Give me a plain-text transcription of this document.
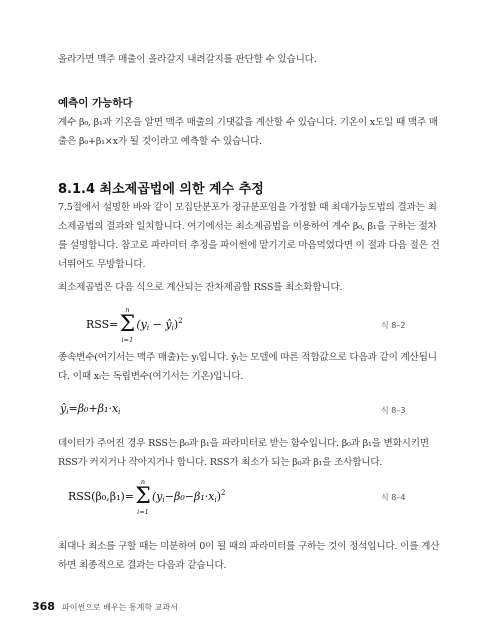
올라가면 맥주 매출이 올라갈지 내려갈지를 판단할 수 있습니다.
예측이 가능하다
계수 β₀, β₁과 기온을 알면 맥주 매출의 기댓값을 계산할 수 있습니다. 기온이 x도일 때 맥주 매
출은 β₀+β₁×x가 될 것이라고 예측할 수 있습니다.
8.1.4 최소제곱법에 의한 계수 추정
7.5절에서 설명한 바와 같이 모집단분포가 정규분포임을 가정할 때 최대가능도법의 결과는 최
소제곱법의 결과와 일치합니다. 여기에서는 최소제곱법을 이용하여 계수 β₀, β₁을 구하는 절차
를 설명합니다. 참고로 파라미터 추정을 파이썬에 맡기기로 마음먹었다면 이 절과 다음 절은 건
너뛰어도 무방합니다.
최소제곱법은 다음 식으로 계산되는 잔차제곱합 RSS를 최소화합니다.
RSS=
n
Σ
i=1
($y_i$ − $ŷ_i)^2$	식 8–2
종속변수(여기서는 맥주 매출)는 yᵢ입니다. ŷᵢ는 모델에 따른 적합값으로 다음과 같이 계산됩니
다. 이때 xᵢ는 독립변수(여기서는 기온)입니다.
$ŷ_i=\beta_0+\beta_1\cdot x_i$	식 8–3
데이터가 주어진 경우 RSS는 β₀과 β₁을 파라미터로 받는 함수입니다. β₀과 β₁을 변화시키면
RSS가 커지거나 작아지거나 합니다. RSS가 최소가 되는 β₀과 β₁을 조사합니다.
RSS(β₀,β₁)=
n
Σ
i=1
$(y_i-\beta_0-\beta_1\cdot x_i)^2$	식 8–4
최대나 최소를 구할 때는 미분하여 0이 될 때의 파라미터를 구하는 것이 정석입니다. 이를 계산
하면 최종적으로 결과는 다음과 같습니다.
368 파이썬으로 배우는 통계학 교과서
